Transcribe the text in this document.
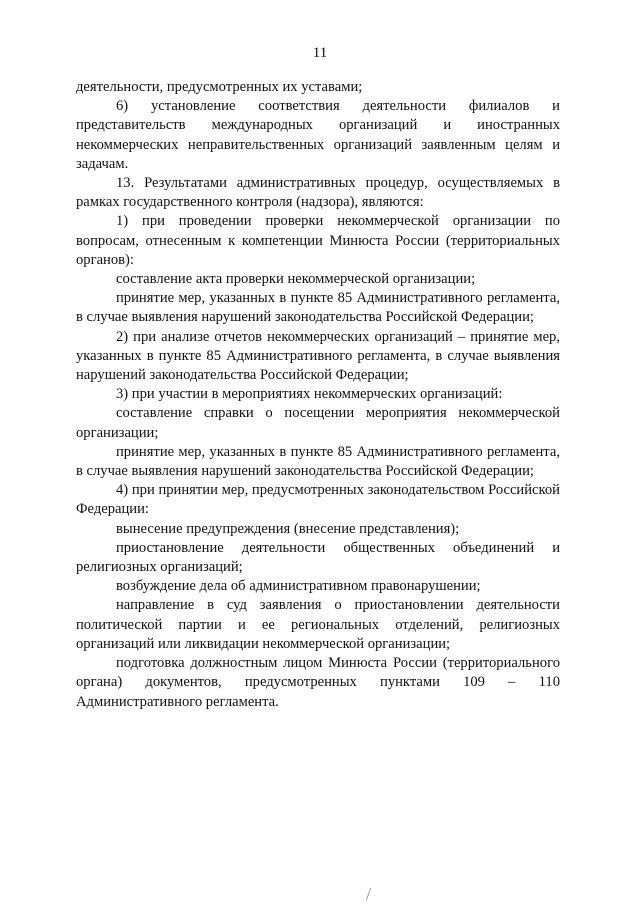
11

деятельности, предусмотренных их уставами;

6) установление соответствия деятельности филиалов и представительств международных организаций и иностранных некоммерческих неправительственных организаций заявленным целям и задачам.

13. Результатами административных процедур, осуществляемых в рамках государственного контроля (надзора), являются:

1) при проведении проверки некоммерческой организации по вопросам, отнесенным к компетенции Минюста России (территориальных органов):

составление акта проверки некоммерческой организации;

принятие мер, указанных в пункте 85 Административного регламента, в случае выявления нарушений законодательства Российской Федерации;

2) при анализе отчетов некоммерческих организаций – принятие мер, указанных в пункте 85 Административного регламента, в случае выявления нарушений законодательства Российской Федерации;

3) при участии в мероприятиях некоммерческих организаций:

составление справки о посещении мероприятия некоммерческой организации;

принятие мер, указанных в пункте 85 Административного регламента, в случае выявления нарушений законодательства Российской Федерации;

4) при принятии мер, предусмотренных законодательством Российской Федерации:

вынесение предупреждения (внесение представления);

приостановление деятельности общественных объединений и религиозных организаций;

возбуждение дела об административном правонарушении;

направление в суд заявления о приостановлении деятельности политической партии и ее региональных отделений, религиозных организаций или ликвидации некоммерческой организации;

подготовка должностным лицом Минюста России (территориального органа) документов, предусмотренных пунктами 109 – 110 Административного регламента.
